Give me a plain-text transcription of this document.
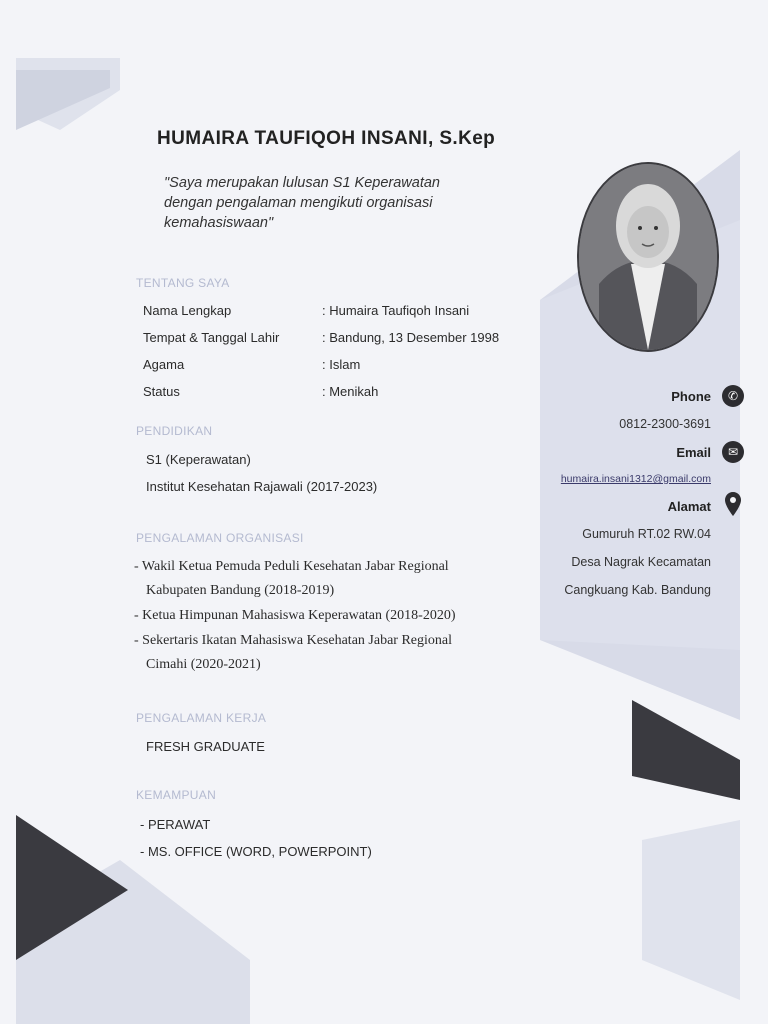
HUMAIRA TAUFIQOH INSANI, S.Kep
"Saya merupakan lulusan S1 Keperawatan
dengan pengalaman mengikuti organisasi
kemahasiswaan"
TENTANG SAYA
Nama Lengkap	: Humaira Taufiqoh Insani
Tempat & Tanggal Lahir	: Bandung, 13 Desember 1998
Agama	: Islam
Status	: Menikah
PENDIDIKAN
S1 (Keperawatan)
Institut Kesehatan Rajawali (2017-2023)
PENGALAMAN ORGANISASI
- Wakil Ketua Pemuda Peduli Kesehatan Jabar Regional
Kabupaten Bandung (2018-2019)
- Ketua Himpunan Mahasiswa Keperawatan (2018-2020)
- Sekertaris Ikatan Mahasiswa Kesehatan Jabar Regional
Cimahi (2020-2021)
PENGALAMAN KERJA
FRESH GRADUATE
KEMAMPUAN
- PERAWAT
- MS. OFFICE (WORD, POWERPOINT)
Phone	✆
0812-2300-3691
Email	✉
humaira.insani1312@gmail.com
Alamat
Gumuruh RT.02 RW.04
Desa Nagrak Kecamatan
Cangkuang Kab. Bandung
